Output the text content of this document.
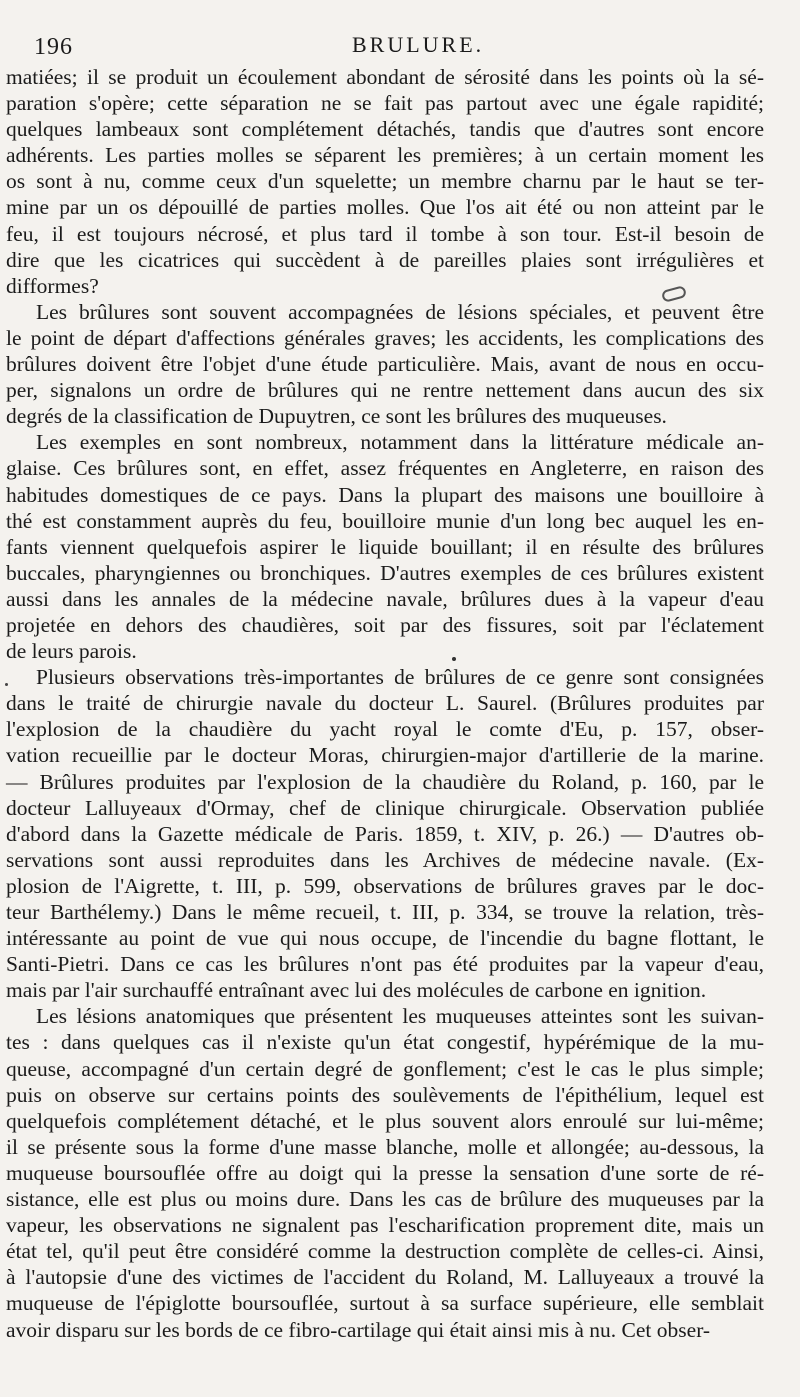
196	BRULURE.
matiées; il se produit un écoulement abondant de sérosité dans les points où la sé-
paration s'opère; cette séparation ne se fait pas partout avec une égale rapidité;
quelques lambeaux sont complétement détachés, tandis que d'autres sont encore
adhérents. Les parties molles se séparent les premières; à un certain moment les
os sont à nu, comme ceux d'un squelette; un membre charnu par le haut se ter-
mine par un os dépouillé de parties molles. Que l'os ait été ou non atteint par le
feu, il est toujours nécrosé, et plus tard il tombe à son tour. Est-il besoin de
dire que les cicatrices qui succèdent à de pareilles plaies sont irrégulières et
difformes?
Les brûlures sont souvent accompagnées de lésions spéciales, et peuvent être
le point de départ d'affections générales graves; les accidents, les complications des
brûlures doivent être l'objet d'une étude particulière. Mais, avant de nous en occu-
per, signalons un ordre de brûlures qui ne rentre nettement dans aucun des six
degrés de la classification de Dupuytren, ce sont les brûlures des muqueuses.
Les exemples en sont nombreux, notamment dans la littérature médicale an-
glaise. Ces brûlures sont, en effet, assez fréquentes en Angleterre, en raison des
habitudes domestiques de ce pays. Dans la plupart des maisons une bouilloire à
thé est constamment auprès du feu, bouilloire munie d'un long bec auquel les en-
fants viennent quelquefois aspirer le liquide bouillant; il en résulte des brûlures
buccales, pharyngiennes ou bronchiques. D'autres exemples de ces brûlures existent
aussi dans les annales de la médecine navale, brûlures dues à la vapeur d'eau
projetée en dehors des chaudières, soit par des fissures, soit par l'éclatement
de leurs parois.
Plusieurs observations très-importantes de brûlures de ce genre sont consignées
dans le traité de chirurgie navale du docteur L. Saurel. (Brûlures produites par
l'explosion de la chaudière du yacht royal le comte d'Eu, p. 157, obser-
vation recueillie par le docteur Moras, chirurgien-major d'artillerie de la marine.
— Brûlures produites par l'explosion de la chaudière du Roland, p. 160, par le
docteur Lalluyeaux d'Ormay, chef de clinique chirurgicale. Observation publiée
d'abord dans la Gazette médicale de Paris. 1859, t. XIV, p. 26.) — D'autres ob-
servations sont aussi reproduites dans les Archives de médecine navale. (Ex-
plosion de l'Aigrette, t. III, p. 599, observations de brûlures graves par le doc-
teur Barthélemy.) Dans le même recueil, t. III, p. 334, se trouve la relation, très-
intéressante au point de vue qui nous occupe, de l'incendie du bagne flottant, le
Santi-Pietri. Dans ce cas les brûlures n'ont pas été produites par la vapeur d'eau,
mais par l'air surchauffé entraînant avec lui des molécules de carbone en ignition.
Les lésions anatomiques que présentent les muqueuses atteintes sont les suivan-
tes : dans quelques cas il n'existe qu'un état congestif, hypérémique de la mu-
queuse, accompagné d'un certain degré de gonflement; c'est le cas le plus simple;
puis on observe sur certains points des soulèvements de l'épithélium, lequel est
quelquefois complétement détaché, et le plus souvent alors enroulé sur lui-même;
il se présente sous la forme d'une masse blanche, molle et allongée; au-dessous, la
muqueuse boursouflée offre au doigt qui la presse la sensation d'une sorte de ré-
sistance, elle est plus ou moins dure. Dans les cas de brûlure des muqueuses par la
vapeur, les observations ne signalent pas l'escharification proprement dite, mais un
état tel, qu'il peut être considéré comme la destruction complète de celles-ci. Ainsi,
à l'autopsie d'une des victimes de l'accident du Roland, M. Lalluyeaux a trouvé la
muqueuse de l'épiglotte boursouflée, surtout à sa surface supérieure, elle semblait
avoir disparu sur les bords de ce fibro-cartilage qui était ainsi mis à nu. Cet obser-
